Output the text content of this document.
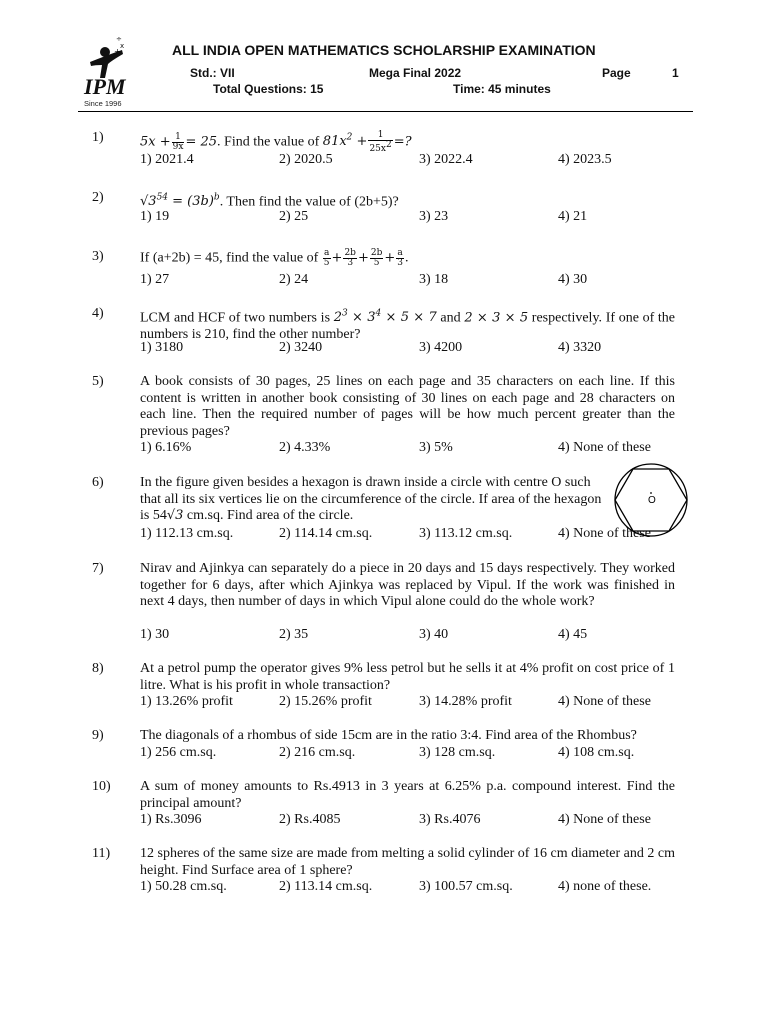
÷
x
+
IPM
Since 1996
ALL INDIA OPEN MATHEMATICS SCHOLARSHIP EXAMINATION
Std.: VII	Mega Final 2022	Page	1
Total Questions: 15	Time: 45 minutes
1)	$5x + \frac{1}{9x} = 25$. Find the value of $81x^2 + \frac{1}{25x^2}$ =?
1) 2021.4	2) 2020.5	3) 2022.4	4) 2023.5
2)	$√3^{54} = (3b)^b$. Then find the value of (2b+5)?
1) 19	2) 25	3) 23	4) 21
3)	If (a+2b) = 45, find the value of $\frac{a}{5} + \frac{2b}{3} + \frac{2b}{5} + \frac{a}{3}$ .
1) 27	2) 24	3) 18	4) 30
4)	LCM and HCF of two numbers is $2^3 \times 3^4 \times 5 \times 7$ and 2 × 3 × 5 respectively. If one of the numbers is 210, find the other number?
1) 3180	2) 3240	3) 4200	4) 3320
5)	A book consists of 30 pages, 25 lines on each page and 35 characters on each line. If this content is written in another book consisting of 30 lines on each page and 28 characters on each line. Then the required number of pages will be how much percent greater than the previous pages?
1) 6.16%	2) 4.33%	3) 5%	4) None of these
6)	In the figure given besides a hexagon is drawn inside a circle with centre O such that all its six vertices lie on the circumference of the circle. If area of the hexagon is 54√3 cm.sq. Find area of the circle.
1) 112.13 cm.sq.	2) 114.14 cm.sq.	3) 113.12 cm.sq.	4) None of these
O
7)	Nirav and Ajinkya can separately do a piece in 20 days and 15 days respectively. They worked together for 6 days, after which Ajinkya was replaced by Vipul. If the work was finished in next 4 days, then number of days in which Vipul alone could do the whole work?
1) 30	2) 35	3) 40	4) 45
8)	At a petrol pump the operator gives 9% less petrol but he sells it at 4% profit on cost price of 1 litre. What is his profit in whole transaction?
1) 13.26% profit	2) 15.26% profit	3) 14.28% profit	4) None of these
9)	The diagonals of a rhombus of side 15cm are in the ratio 3:4. Find area of the Rhombus?
1) 256 cm.sq.	2) 216 cm.sq.	3) 128 cm.sq.	4) 108 cm.sq.
10)	A sum of money amounts to Rs.4913 in 3 years at 6.25% p.a. compound interest. Find the principal amount?
1) Rs.3096	2) Rs.4085	3) Rs.4076	4) None of these
11)	12 spheres of the same size are made from melting a solid cylinder of 16 cm diameter and 2 cm height. Find Surface area of 1 sphere?
1) 50.28 cm.sq.	2) 113.14 cm.sq.	3) 100.57 cm.sq.	4) none of these.
